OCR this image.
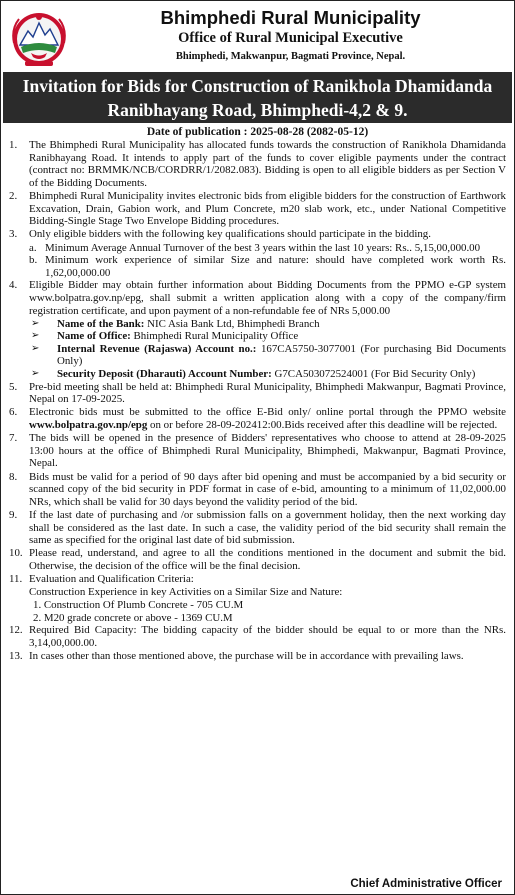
Bhimphedi Rural Municipality
Office of Rural Municipal Executive
Bhimphedi, Makwanpur, Bagmati Province, Nepal.
Invitation for Bids for Construction of Ranikhola Dhamidanda
Ranibhayang Road, Bhimphedi-4,2 & 9.
Date of publication : 2025-08-28 (2082-05-12)
1. The Bhimphedi Rural Municipality has allocated funds towards the construction of Ranikhola Dhamidanda Ranibhayang Road. It intends to apply part of the funds to cover eligible payments under the contract (contract no: BRMMK/NCB/CORDRR/1/2082.083). Bidding is open to all eligible bidders as per Section V of the Bidding Documents.
2. Bhimphedi Rural Municipality invites electronic bids from eligible bidders for the construction of Earthwork Excavation, Drain, Gabion work, and Plum Concrete, m20 slab work, etc., under National Competitive Bidding-Single Stage Two Envelope Bidding procedures.
3. Only eligible bidders with the following key qualifications should participate in the bidding.
a. Minimum Average Annual Turnover of the best 3 years within the last 10 years: Rs.. 5,15,00,000.00
b. Minimum work experience of similar Size and nature: should have completed work worth Rs. 1,62,00,000.00
4. Eligible Bidder may obtain further information about Bidding Documents from the PPMO e-GP system www.bolpatra.gov.np/epg, shall submit a written application along with a copy of the company/firm registration certificate, and upon payment of a non-refundable fee of NRs 5,000.00
➢ Name of the Bank: NIC Asia Bank Ltd, Bhimphedi Branch
➢ Name of Office: Bhimphedi Rural Municipality Office
➢ Internal Revenue (Rajaswa) Account no.: 167CA5750-3077001 (For purchasing Bid Documents Only)
➢ Security Deposit (Dharauti) Account Number: G7CA503072524001 (For Bid Security Only)
5. Pre-bid meeting shall be held at: Bhimphedi Rural Municipality, Bhimphedi Makwanpur, Bagmati Province, Nepal on 17-09-2025.
6. Electronic bids must be submitted to the office E-Bid only/ online portal through the PPMO website www.bolpatra.gov.np/epg on or before 28-09-202412:00.Bids received after this deadline will be rejected.
7. The bids will be opened in the presence of Bidders' representatives who choose to attend at 28-09-2025 13:00 hours at the office of Bhimphedi Rural Municipality, Bhimphedi, Makwanpur, Bagmati Province, Nepal.
8. Bids must be valid for a period of 90 days after bid opening and must be accompanied by a bid security or scanned copy of the bid security in PDF format in case of e-bid, amounting to a minimum of 11,02,000.00 NRs, which shall be valid for 30 days beyond the validity period of the bid.
9. If the last date of purchasing and /or submission falls on a government holiday, then the next working day shall be considered as the last date. In such a case, the validity period of the bid security shall remain the same as specified for the original last date of bid submission.
10. Please read, understand, and agree to all the conditions mentioned in the document and submit the bid. Otherwise, the decision of the office will be the final decision.
11. Evaluation and Qualification Criteria:
Construction Experience in key Activities on a Similar Size and Nature:
1. Construction Of Plumb Concrete - 705 CU.M
2. M20 grade concrete or above - 1369 CU.M
12. Required Bid Capacity: The bidding capacity of the bidder should be equal to or more than the NRs. 3,14,00,000.00.
13. In cases other than those mentioned above, the purchase will be in accordance with prevailing laws.
Chief Administrative Officer
